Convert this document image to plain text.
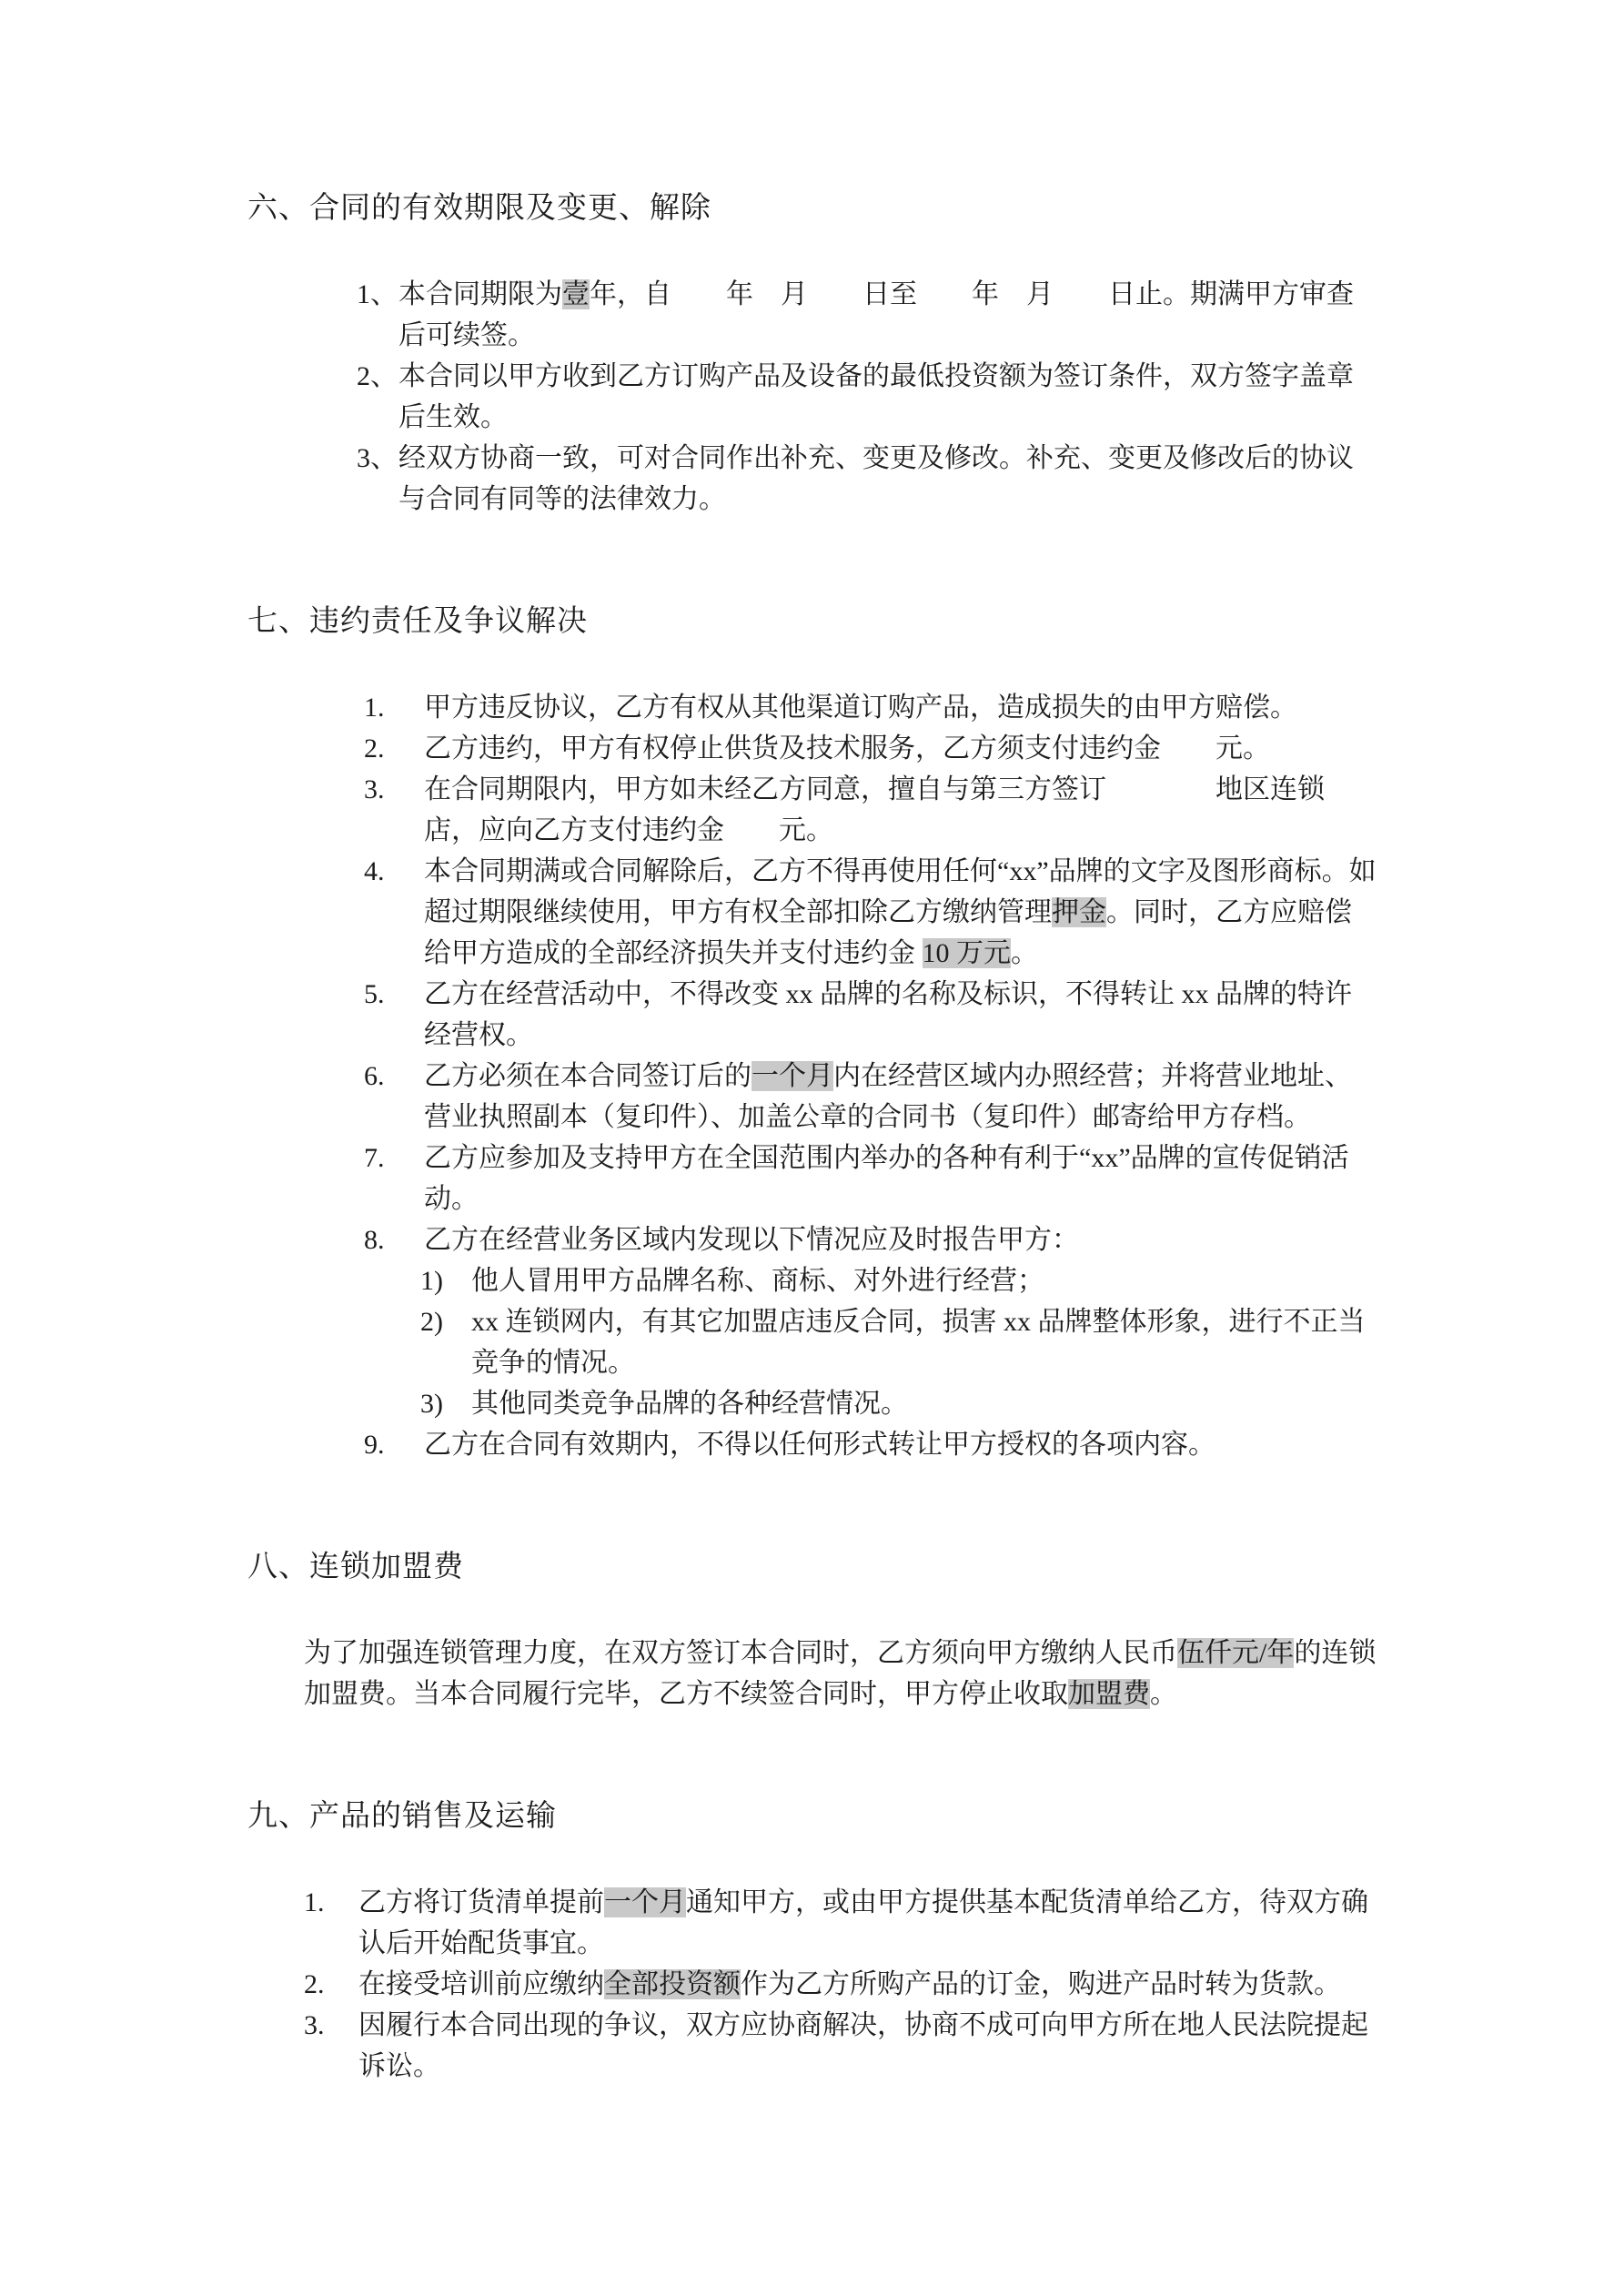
六、合同的有效期限及变更、解除
1、 本合同期限为壹年，自　　年　月　　日至　　年　月　　日止。期满甲方审查后可续签。
2、 本合同以甲方收到乙方订购产品及设备的最低投资额为签订条件，双方签字盖章后生效。
3、 经双方协商一致，可对合同作出补充、变更及修改。补充、变更及修改后的协议与合同有同等的法律效力。
七、违约责任及争议解决
1.	甲方违反协议，乙方有权从其他渠道订购产品，造成损失的由甲方赔偿。
2.	乙方违约，甲方有权停止供货及技术服务，乙方须支付违约金　　元。
3.	在合同期限内，甲方如未经乙方同意，擅自与第三方签订　　　　地区连锁店，应向乙方支付违约金　　元。
4.	本合同期满或合同解除后，乙方不得再使用任何“xx”品牌的文字及图形商标。如超过期限继续使用，甲方有权全部扣除乙方缴纳管理押金。同时，乙方应赔偿给甲方造成的全部经济损失并支付违约金 10 万元。
5.	乙方在经营活动中，不得改变 xx 品牌的名称及标识，不得转让 xx 品牌的特许经营权。
6.	乙方必须在本合同签订后的一个月内在经营区域内办照经营；并将营业地址、营业执照副本（复印件）、加盖公章的合同书（复印件）邮寄给甲方存档。
7.	乙方应参加及支持甲方在全国范围内举办的各种有利于“xx”品牌的宣传促销活动。
8.	乙方在经营业务区域内发现以下情况应及时报告甲方：
1)	他人冒用甲方品牌名称、商标、对外进行经营；
2)	xx 连锁网内，有其它加盟店违反合同，损害 xx 品牌整体形象，进行不正当竞争的情况。
3)	其他同类竞争品牌的各种经营情况。
9.	乙方在合同有效期内，不得以任何形式转让甲方授权的各项内容。
八、连锁加盟费
为了加强连锁管理力度，在双方签订本合同时，乙方须向甲方缴纳人民币伍仟元/年的连锁加盟费。当本合同履行完毕，乙方不续签合同时，甲方停止收取加盟费。
九、产品的销售及运输
1.	乙方将订货清单提前一个月通知甲方，或由甲方提供基本配货清单给乙方，待双方确认后开始配货事宜。
2.	在接受培训前应缴纳全部投资额作为乙方所购产品的订金，购进产品时转为货款。
3.	因履行本合同出现的争议，双方应协商解决，协商不成可向甲方所在地人民法院提起诉讼。
